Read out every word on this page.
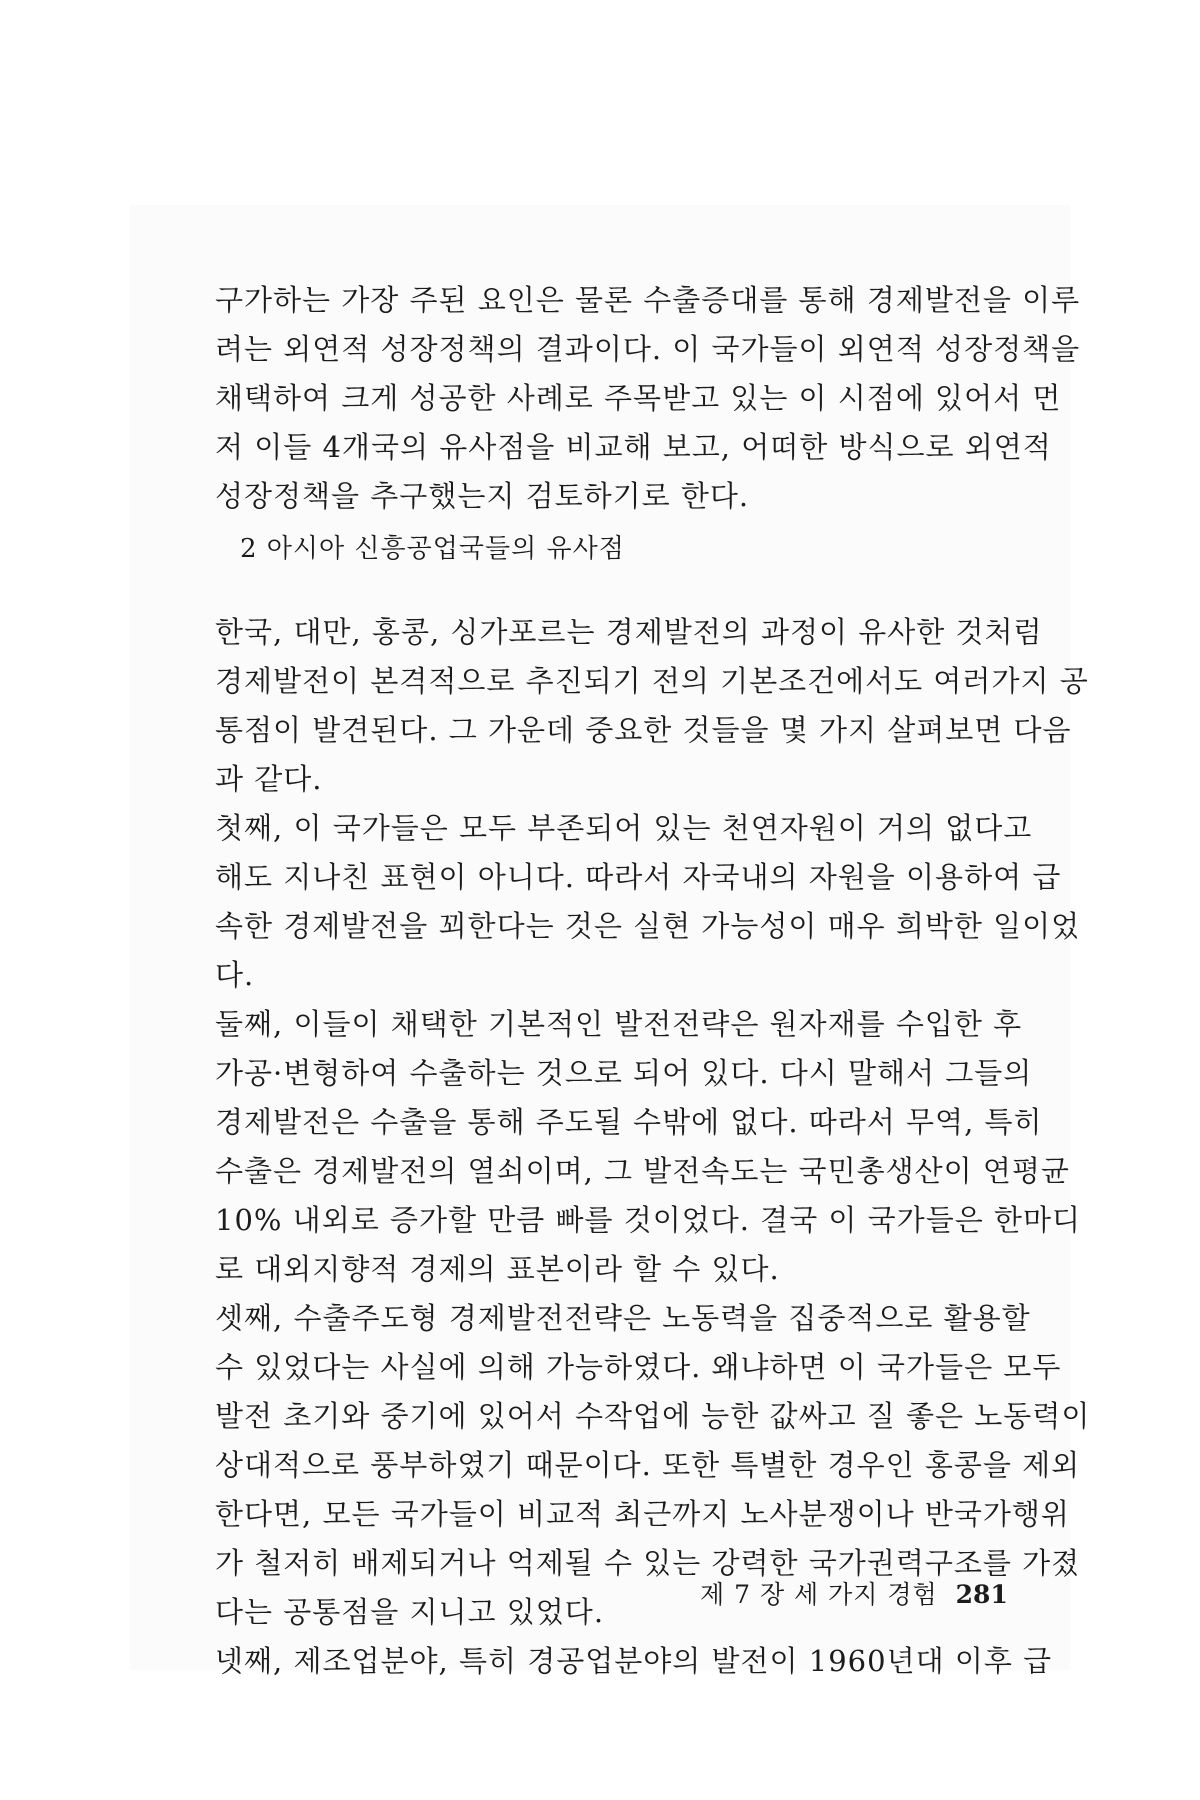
구가하는 가장 주된 요인은 물론 수출증대를 통해 경제발전을 이루
려는 외연적 성장정책의 결과이다. 이 국가들이 외연적 성장정책을
채택하여 크게 성공한 사례로 주목받고 있는 이 시점에 있어서 먼
저 이들 4개국의 유사점을 비교해 보고, 어떠한 방식으로 외연적
성장정책을 추구했는지 검토하기로 한다.
2 아시아 신흥공업국들의 유사점
한국, 대만, 홍콩, 싱가포르는 경제발전의 과정이 유사한 것처럼
경제발전이 본격적으로 추진되기 전의 기본조건에서도 여러가지 공
통점이 발견된다. 그 가운데 중요한 것들을 몇 가지 살펴보면 다음
과 같다.
첫째, 이 국가들은 모두 부존되어 있는 천연자원이 거의 없다고
해도 지나친 표현이 아니다. 따라서 자국내의 자원을 이용하여 급
속한 경제발전을 꾀한다는 것은 실현 가능성이 매우 희박한 일이었
다.
둘째, 이들이 채택한 기본적인 발전전략은 원자재를 수입한 후
가공·변형하여 수출하는 것으로 되어 있다. 다시 말해서 그들의
경제발전은 수출을 통해 주도될 수밖에 없다. 따라서 무역, 특히
수출은 경제발전의 열쇠이며, 그 발전속도는 국민총생산이 연평균
10% 내외로 증가할 만큼 빠를 것이었다. 결국 이 국가들은 한마디
로 대외지향적 경제의 표본이라 할 수 있다.
셋째, 수출주도형 경제발전전략은 노동력을 집중적으로 활용할
수 있었다는 사실에 의해 가능하였다. 왜냐하면 이 국가들은 모두
발전 초기와 중기에 있어서 수작업에 능한 값싸고 질 좋은 노동력이
상대적으로 풍부하였기 때문이다. 또한 특별한 경우인 홍콩을 제외
한다면, 모든 국가들이 비교적 최근까지 노사분쟁이나 반국가행위
가 철저히 배제되거나 억제될 수 있는 강력한 국가권력구조를 가졌
다는 공통점을 지니고 있었다.
넷째, 제조업분야, 특히 경공업분야의 발전이 1960년대 이후 급
제 7 장 세 가지 경험 281
